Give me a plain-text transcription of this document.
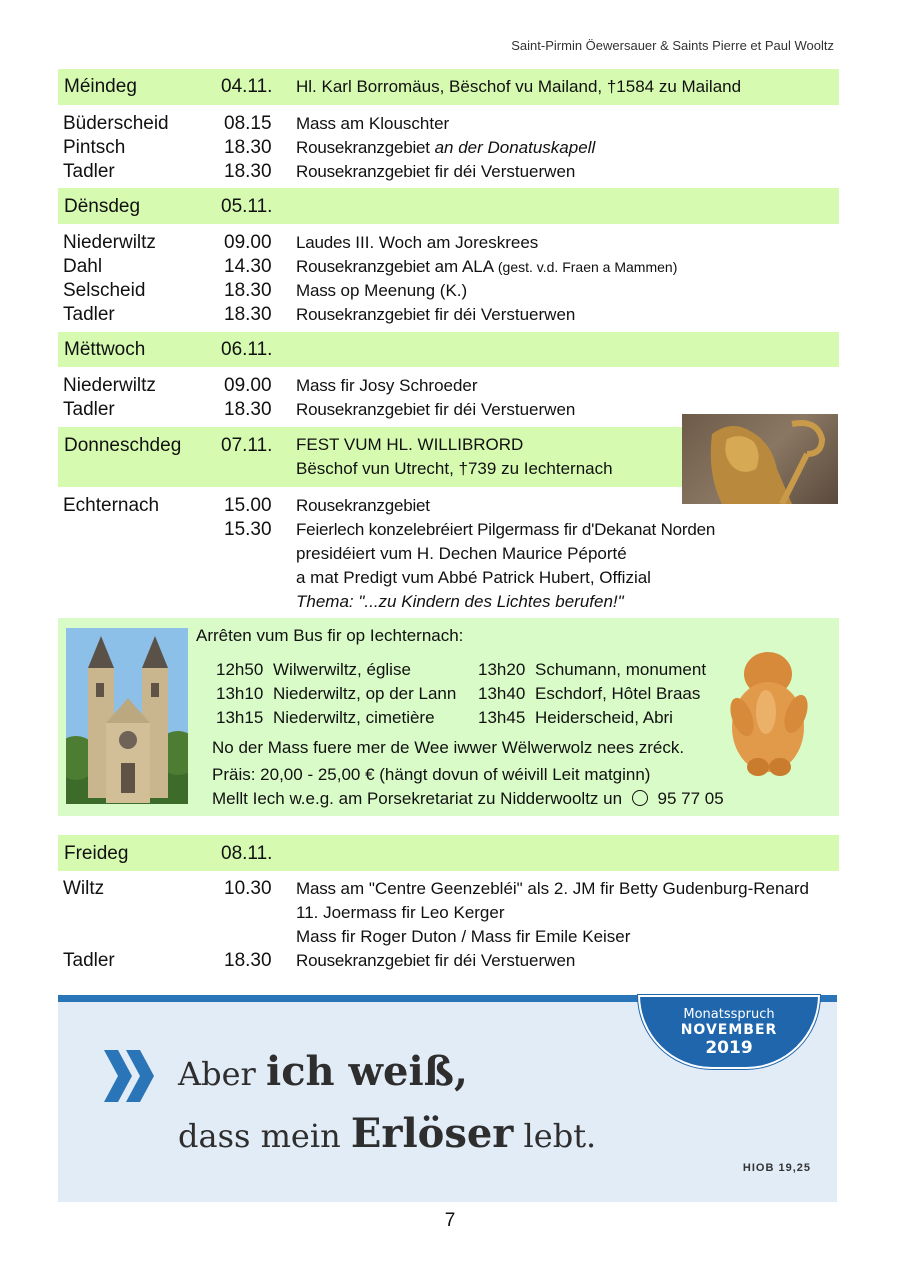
Saint-Pirmin Öewersauer & Saints Pierre et Paul Wooltz
Méindeg	04.11. Hl. Karl Borromäus, Bëschof vu Mailand, †1584 zu Mailand
Büderscheid	08.15 Mass am Klouschter
Pintsch	18.30 Rousekranzgebiet an der Donatuskapell
Tadler	18.30 Rousekranzgebiet fir déi Verstuerwen
Dënsdeg	05.11.
Niederwiltz	09.00 Laudes III. Woch am Joreskrees
Dahl	14.30 Rousekranzgebiet am ALA (gest. v.d. Fraen a Mammen)
Selscheid	18.30 Mass op Meenung (K.)
Tadler	18.30 Rousekranzgebiet fir déi Verstuerwen
Mëttwoch	06.11.
Niederwiltz	09.00 Mass fir Josy Schroeder
Tadler	18.30 Rousekranzgebiet fir déi Verstuerwen
Donneschdeg 07.11. FEST VUM HL. WILLIBRORD
Bëschof vun Utrecht, †739 zu Iechternach
Echternach	15.00 Rousekranzgebiet
15.30 Feierlech konzelebréiert Pilgermass fir d'Dekanat Norden
presidéiert vum H. Dechen Maurice Péporté
a mat Predigt vum Abbé Patrick Hubert, Offizial
Thema: "...zu Kindern des Lichtes berufen!"
Arrêten vum Bus fir op Iechternach:
12h50 Wilwerwiltz, église
13h10 Niederwiltz, op der Lann
13h15 Niederwiltz, cimetière
13h20 Schumann, monument
13h40 Eschdorf, Hôtel Braas
13h45 Heiderscheid, Abri
No der Mass fuere mer de Wee iwwer Wëlwerwolz nees zréck.
Präis: 20,00 - 25,00 € (hängt dovun of wéivill Leit matginn)
Mellt Iech w.e.g. am Porsekretariat zu Nidderwooltz un 95 77 05
Freideg	08.11.
Wiltz	10.30 Mass am "Centre Geenzebléi" als 2. JM fir Betty Gudenburg-Renard
11. Joermass fir Leo Kerger
Mass fir Roger Duton / Mass fir Emile Keiser
Tadler	18.30 Rousekranzgebiet fir déi Verstuerwen
Monatsspruch
NOVEMBER
2019
Aber ich weiß,
dass mein Erlöser lebt.
HIOB 19,25
7
